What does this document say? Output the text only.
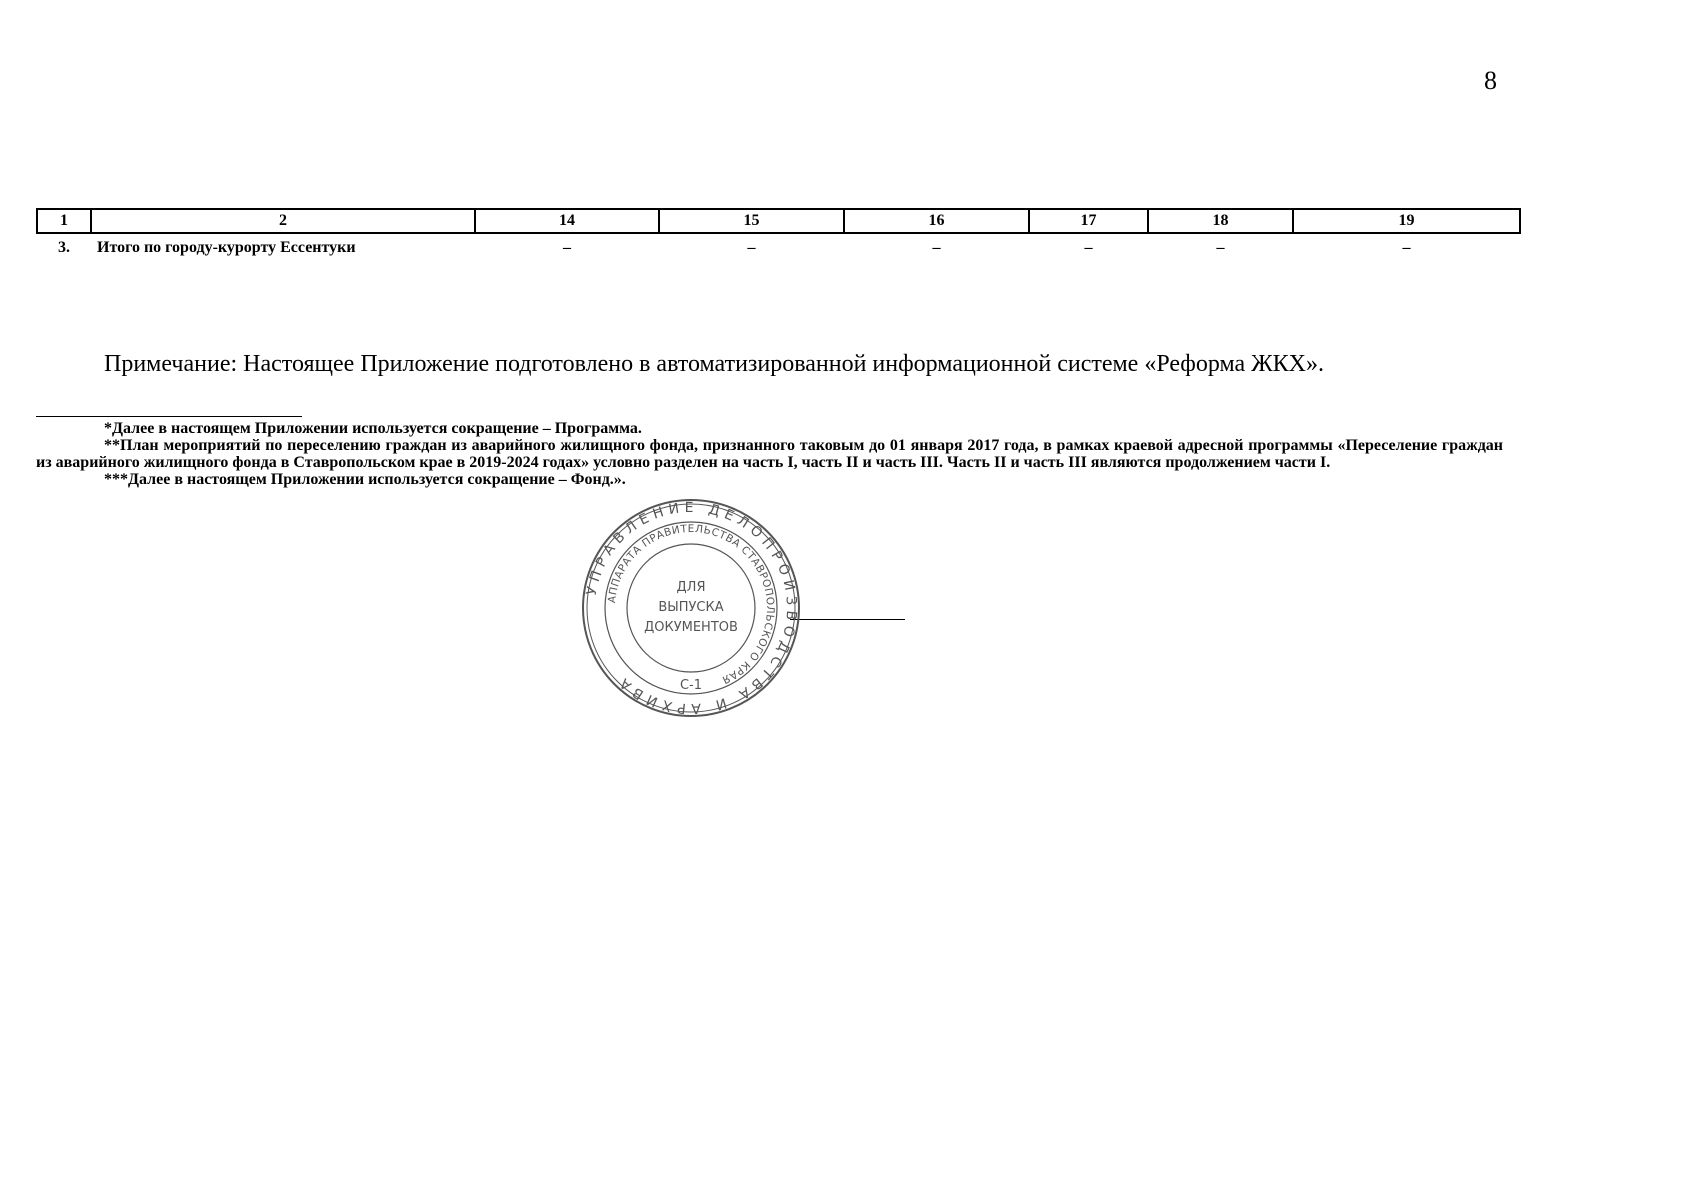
8
1	2	14	15	16	17	18	19
3.	Итого по городу-курорту Ессентуки	–	–	–	–	–	–
Примечание: Настоящее Приложение подготовлено в автоматизированной информационной системе «Реформа ЖКХ».

*Далее в настоящем Приложении используется сокращение – Программа.

**План мероприятий по переселению граждан из аварийного жилищного фонда, признанного таковым до 01 января 2017 года, в рамках краевой адресной программы «Переселение граждан из аварийного жилищного фонда в Ставропольском крае в 2019-2024 годах» условно разделен на часть I, часть II и часть III. Часть II и часть III являются продолжением части I.

***Далее в настоящем Приложении используется сокращение – Фонд.».

УПРАВЛЕНИЕ ДЕЛОПРОИЗВОДСТВА И АРХИВА
АППАРАТА ПРАВИТЕЛЬСТВА СТАВРОПОЛЬСКОГО КРАЯ
ДЛЯ
ВЫПУСКА
ДОКУМЕНТОВ
С-1
